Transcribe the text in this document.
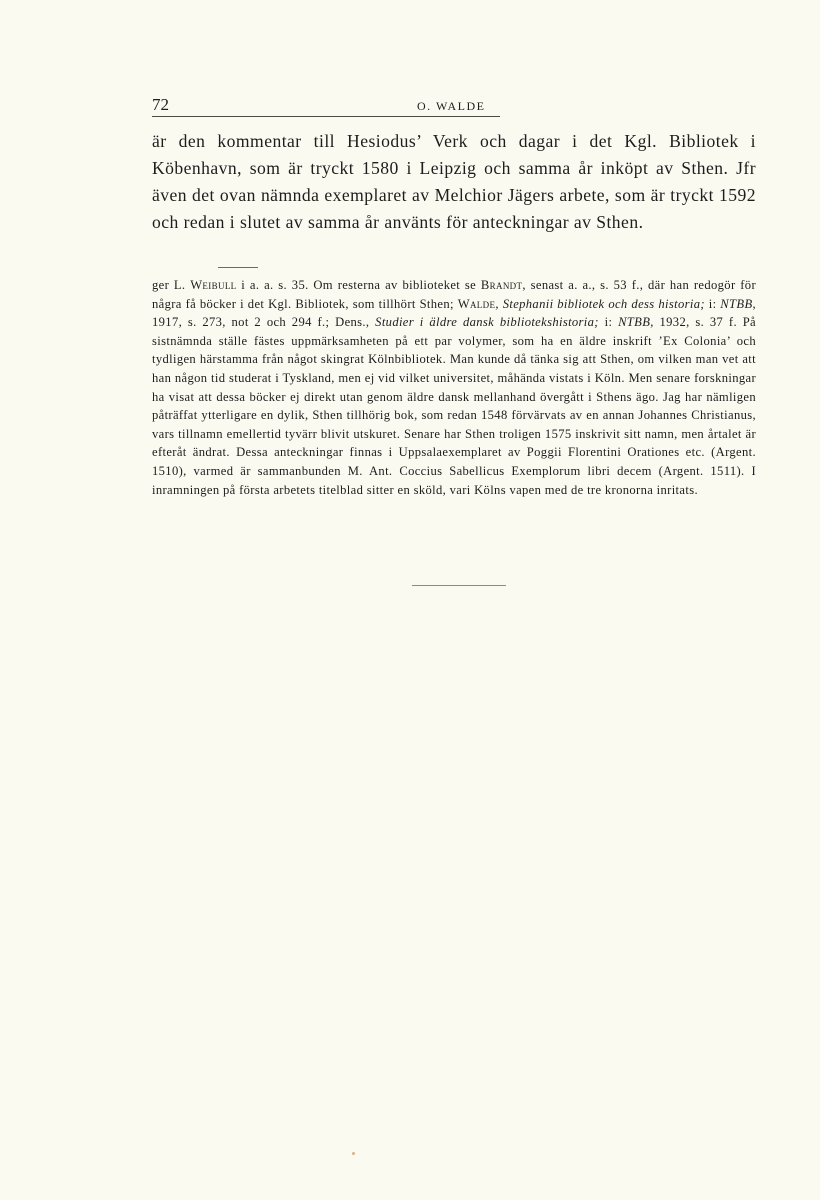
72	O. WALDE

är den kommentar till Hesiodus’ Verk och dagar i det Kgl. Bibliotek i Köbenhavn, som är tryckt 1580 i Leipzig och samma år inköpt av Sthen. Jfr även det ovan nämnda exemplaret av Melchior Jägers arbete, som är tryckt 1592 och redan i slutet av samma år använts för anteckningar av Sthen.

ger L. Weibull i a. a. s. 35. Om resterna av biblioteket se Brandt, senast a. a., s. 53 f., där han redogör för några få böcker i det Kgl. Bibliotek, som tillhört Sthen; Walde, Stephanii bibliotek och dess historia; i: NTBB, 1917, s. 273, not 2 och 294 f.; Dens., Studier i äldre dansk bibliotekshistoria; i: NTBB, 1932, s. 37 f. På sistnämnda ställe fästes uppmärksamheten på ett par volymer, som ha en äldre inskrift ’Ex Colonia’ och tydligen härstamma från något skingrat Kölnbibliotek. Man kunde då tänka sig att Sthen, om vilken man vet att han någon tid studerat i Tyskland, men ej vid vilket universitet, måhända vistats i Köln. Men senare forskningar ha visat att dessa böcker ej direkt utan genom äldre dansk mellanhand övergått i Sthens ägo. Jag har nämligen påträffat ytterligare en dylik, Sthen tillhörig bok, som redan 1548 förvärvats av en annan Johannes Christianus, vars tillnamn emellertid tyvärr blivit utskuret. Senare har Sthen troligen 1575 inskrivit sitt namn, men årtalet är efteråt ändrat. Dessa anteckningar finnas i Uppsalaexemplaret av Poggii Florentini Orationes etc. (Argent. 1510), varmed är sammanbunden M. Ant. Coccius Sabellicus Exemplorum libri decem (Argent. 1511). I inramningen på första arbetets titelblad sitter en sköld, vari Kölns vapen med de tre kronorna inritats.
